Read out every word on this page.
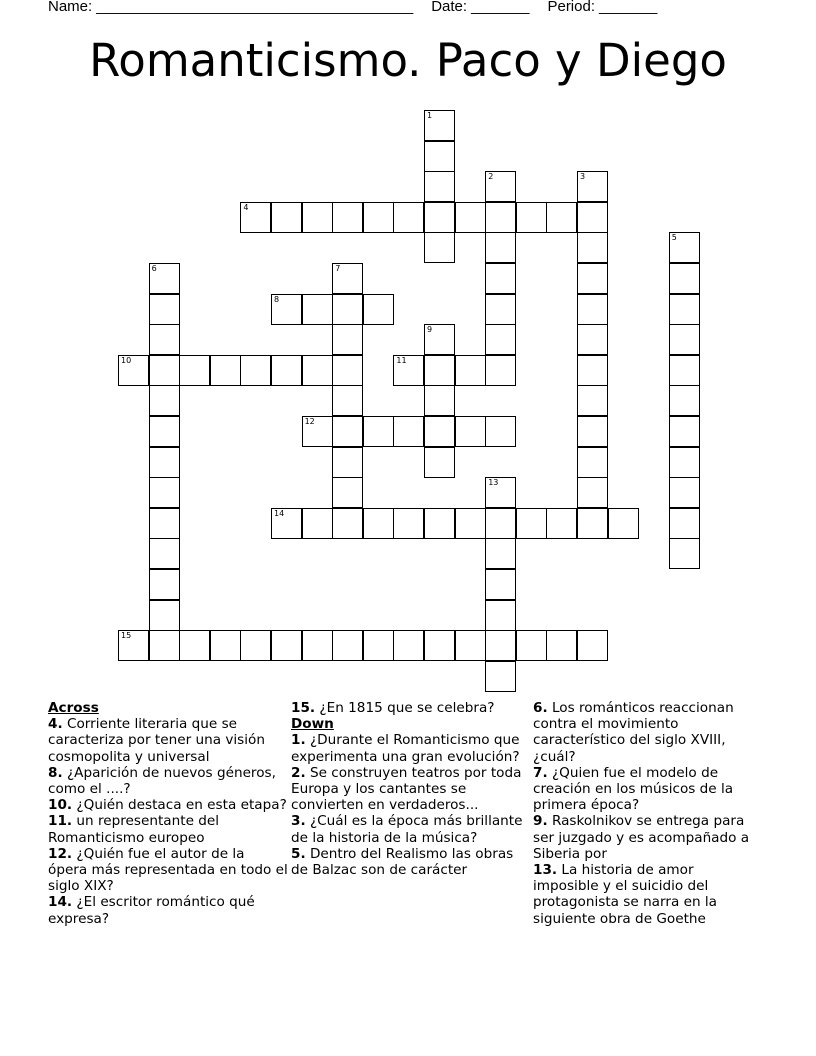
Name: ______________________________________ Date: _______ Period: _______
Romanticismo. Paco y Diego
1
2	3
4
5
6	7
8
9
10	11
12
13
14
15
Across
4. Corriente literaria que se caracteriza por tener una visión cosmopolita y universal
8. ¿Aparición de nuevos géneros, como el ....?
10. ¿Quién destaca en esta etapa?
11. un representante del Romanticismo europeo
12. ¿Quién fue el autor de la ópera más representada en todo el siglo XIX?
14. ¿El escritor romántico qué expresa?
15. ¿En 1815 que se celebra?
Down
1. ¿Durante el Romanticismo que experimenta una gran evolución?
2. Se construyen teatros por toda Europa y los cantantes se convierten en verdaderos...
3. ¿Cuál es la época más brillante de la historia de la música?
5. Dentro del Realismo las obras de Balzac son de carácter
6. Los románticos reaccionan contra el movimiento característico del siglo XVIII, ¿cuál?
7. ¿Quien fue el modelo de creación en los músicos de la primera época?
9. Raskolnikov se entrega para ser juzgado y es acompañado a Siberia por
13. La historia de amor imposible y el suicidio del protagonista se narra en la siguiente obra de Goethe
